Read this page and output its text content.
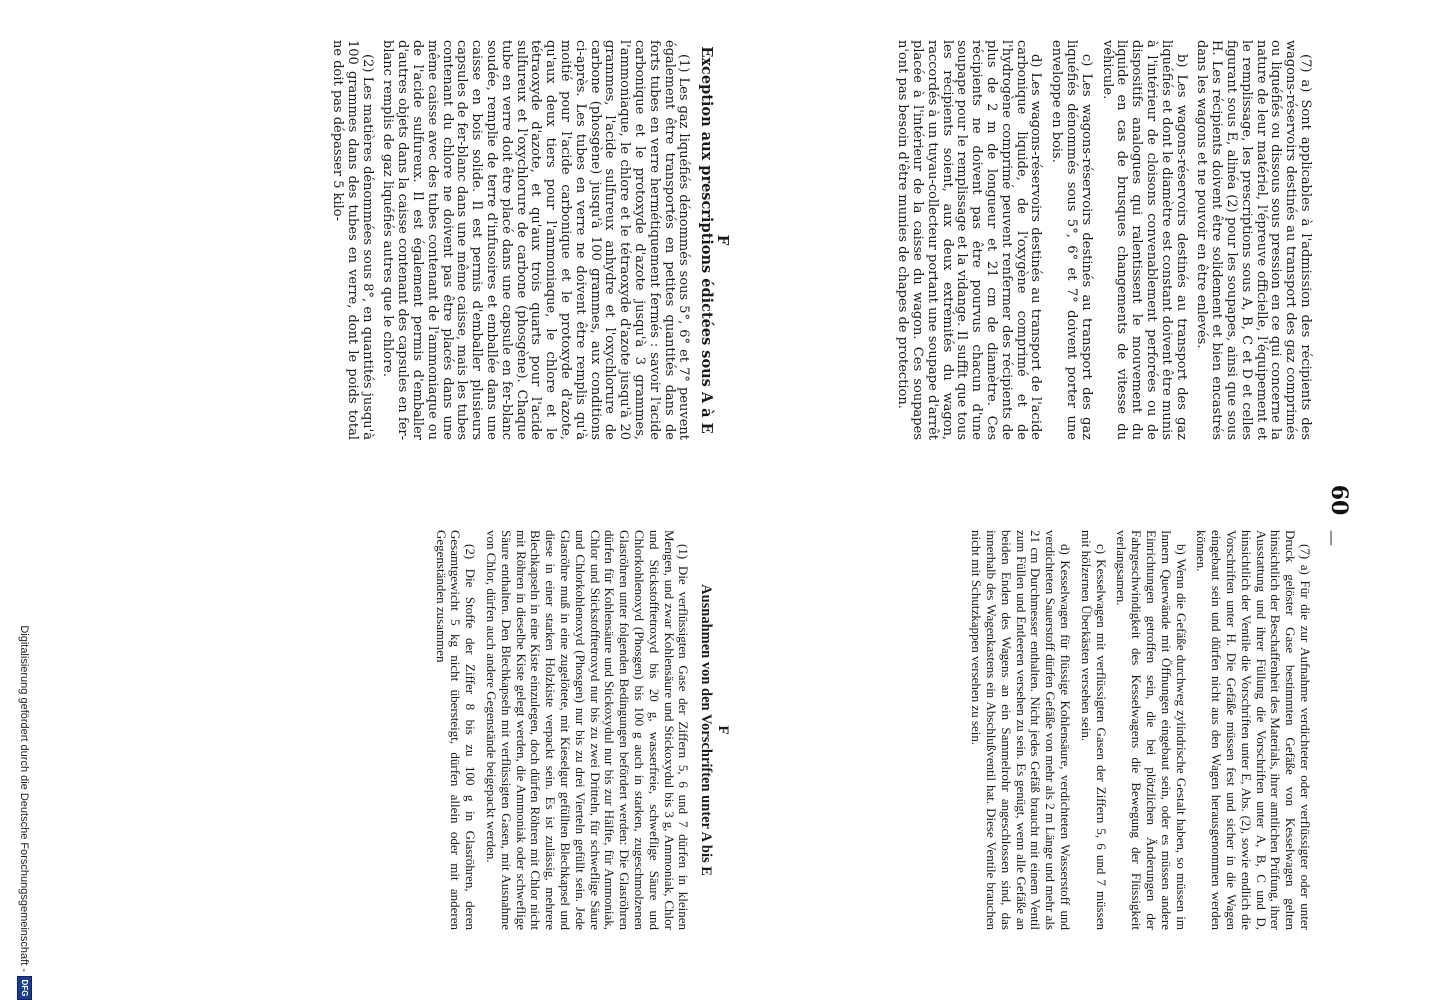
60
—

(7) a) Sont applicables à l'admission des récipients des wagons-réservoirs destinés au transport des gaz comprimés ou liquéfiés ou dissous sous pression en ce qui concerne la nature de leur matériel, l'épreuve officielle, l'équipement et le remplissage, les prescriptions sous A, B, C et D et celles figurant sous E, alinéa (2) pour les soupapes, ainsi que sous H. Les récipients doivent être solidement et bien encastrés dans les wagons et ne pouvoir en être enlevés.

b) Les wagons-réservoirs destinés au transport des gaz liquéfiés et dont le diamètre est constant doivent être munis à l'intérieur de cloisons convenablement perforées ou de dispositifs analogues qui ralentissent le mouvement du liquide en cas de brusques changements de vitesse du véhicule.

c) Les wagons-réservoirs destinés au transport des gaz liquéfiés dénommés sous 5°, 6° et 7° doivent porter une enveloppe en bois.

d) Les wagons-réservoirs destinés au transport de l'acide carbonique liquide, de l'oxygène comprimé et de l'hydrogène comprimé peuvent renfermer des récipients de plus de 2 m de longueur et 21 cm de diamètre. Ces récipients ne doivent pas être pourvus chacun d'une soupape pour le remplissage et la vidange. Il suffit que tous les récipients soient, aux deux extrémités du wagon, raccordés à un tuyau-collecteur portant une soupape d'arrêt placée à l'intérieur de la caisse du wagon. Ces soupapes n'ont pas besoin d'être munies de chapes de protection.

F
Exception aux prescriptions édictées sous A à E

(1) Les gaz liquéfiés dénommés sous 5°, 6° et 7° peuvent également être transportés en petites quantités dans de forts tubes en verre hermétiquement fermés : savoir l'acide carbonique et le protoxyde d'azote jusqu'à 3 grammes, l'ammoniaque, le chlore et le tétraoxyde d'azote jusqu'à 20 grammes, l'acide sulfureux anhydre et l'oxychlorure de carbone (phosgène) jusqu'à 100 grammes, aux conditions ci-après. Les tubes en verre ne doivent être remplis qu'à moitié pour l'acide carbonique et le protoxyde d'azote, qu'aux deux tiers pour l'ammoniaque, le chlore et le tétraoxyde d'azote, et qu'aux trois quarts pour l'acide sulfureux et l'oxychlorure de carbone (phosgène). Chaque tube en verre doit être placé dans une capsule en fer-blanc soudée, remplie de terre d'infusoires et emballée dans une caisse en bois solide. Il est permis d'emballer plusieurs capsules de fer-blanc dans une même caisse, mais les tubes contenant du chlore ne doivent pas être placés dans une même caisse avec des tubes contenant de l'ammoniaque ou de l'acide sulfureux. Il est également permis d'emballer d'autres objets dans la caisse contenant des capsules en fer-blanc remplis de gaz liquéfiés autres que le chlore.

(2) Les matières dénommées sous 8°, en quantités jusqu'à 100 grammes dans des tubes en verre, dont le poids total ne doit pas dépasser 5 kilo-

(7) a) Für die zur Aufnahme verdichteter oder verflüssigter oder unter Druck gelöster Gase bestimmten Gefäße von Kesselwagen gelten hinsichtlich der Beschaffenheit des Materials, ihrer amtlichen Prüfung, ihrer Ausstattung und ihrer Füllung die Vorschriften unter A, B, C und D, hinsichtlich der Ventile die Vorschriften unter E, Abs. (2), sowie endlich die Vorschriften unter H. Die Gefäße müssen fest und sicher in die Wagen eingebaut sein und dürfen nicht aus den Wagen herausgenommen werden können.

b) Wenn die Gefäße durchweg zylindrische Gestalt haben, so müssen im Innern Querwände mit Öffnungen eingebaut sein, oder es müssen andere Einrichtungen getroffen sein, die bei plötzlichen Änderungen der Fahrgeschwindigkeit des Kesselwagens die Bewegung der Flüssigkeit verlangsamen.

c) Kesselwagen mit verflüssigten Gasen der Ziffern 5, 6 und 7 müssen mit hölzernen Überkästen versehen sein.

d) Kesselwagen für flüssige Kohlensäure, verdichteten Wasserstoff und verdichteten Sauerstoff dürfen Gefäße von mehr als 2 m Länge und mehr als 21 cm Durchmesser enthalten. Nicht jedes Gefäß braucht mit einem Ventil zum Füllen und Entleeren versehen zu sein. Es genügt, wenn alle Gefäße an beiden Enden des Wagens an ein Sammelrohr angeschlossen sind, das innerhalb des Wagenkastens ein Abschlußventil hat. Diese Ventile brauchen nicht mit Schutzkappen versehen zu sein.

F
Ausnahmen von den Vorschriften unter A bis E

(1) Die verflüssigten Gase der Ziffern 5, 6 und 7 dürfen in kleinen Mengen, und zwar Kohlensäure und Stickoxydul bis 3 g, Ammoniak, Chlor und Stickstofftetroxyd bis 20 g, wasserfreie, schweflige Säure und Chlorkohlenoxyd (Phosgen) bis 100 g auch in starken, zugeschmolzenen Glasröhren unter folgenden Bedingungen befördert werden: Die Glasröhren dürfen für Kohlensäure und Stickoxydul nur bis zur Hälfte, für Ammoniak, Chlor und Stickstofftetroxyd nur bis zu zwei Dritteln, für schweflige Säure und Chlorkohlenoxyd (Phosgen) nur bis zu drei Vierteln gefüllt sein. Jede Glasröhre muß in eine zugelötete, mit Kieselgur gefüllten Blechkapsel und diese in einer starken Holzkiste verpackt sein. Es ist zulässig, mehrere Blechkapseln in eine Kiste einzulegen, doch dürfen Röhren mit Chlor nicht mit Röhren in dieselbe Kiste gelegt werden, die Ammoniak oder schweflige Säure enthalten. Den Blechkapseln mit verflüssigten Gasen, mit Ausnahme von Chlor, dürfen auch andere Gegenstände beigepackt werden.

(2) Die Stoffe der Ziffer 8 bis zu 100 g in Glasröhren, deren Gesamtgewicht 5 kg nicht übersteigt, dürfen allein oder mit anderen Gegenständen zusammen

Digitalisierung gefördert durch die Deutsche Forschungsgemeinschaft -
DFG
